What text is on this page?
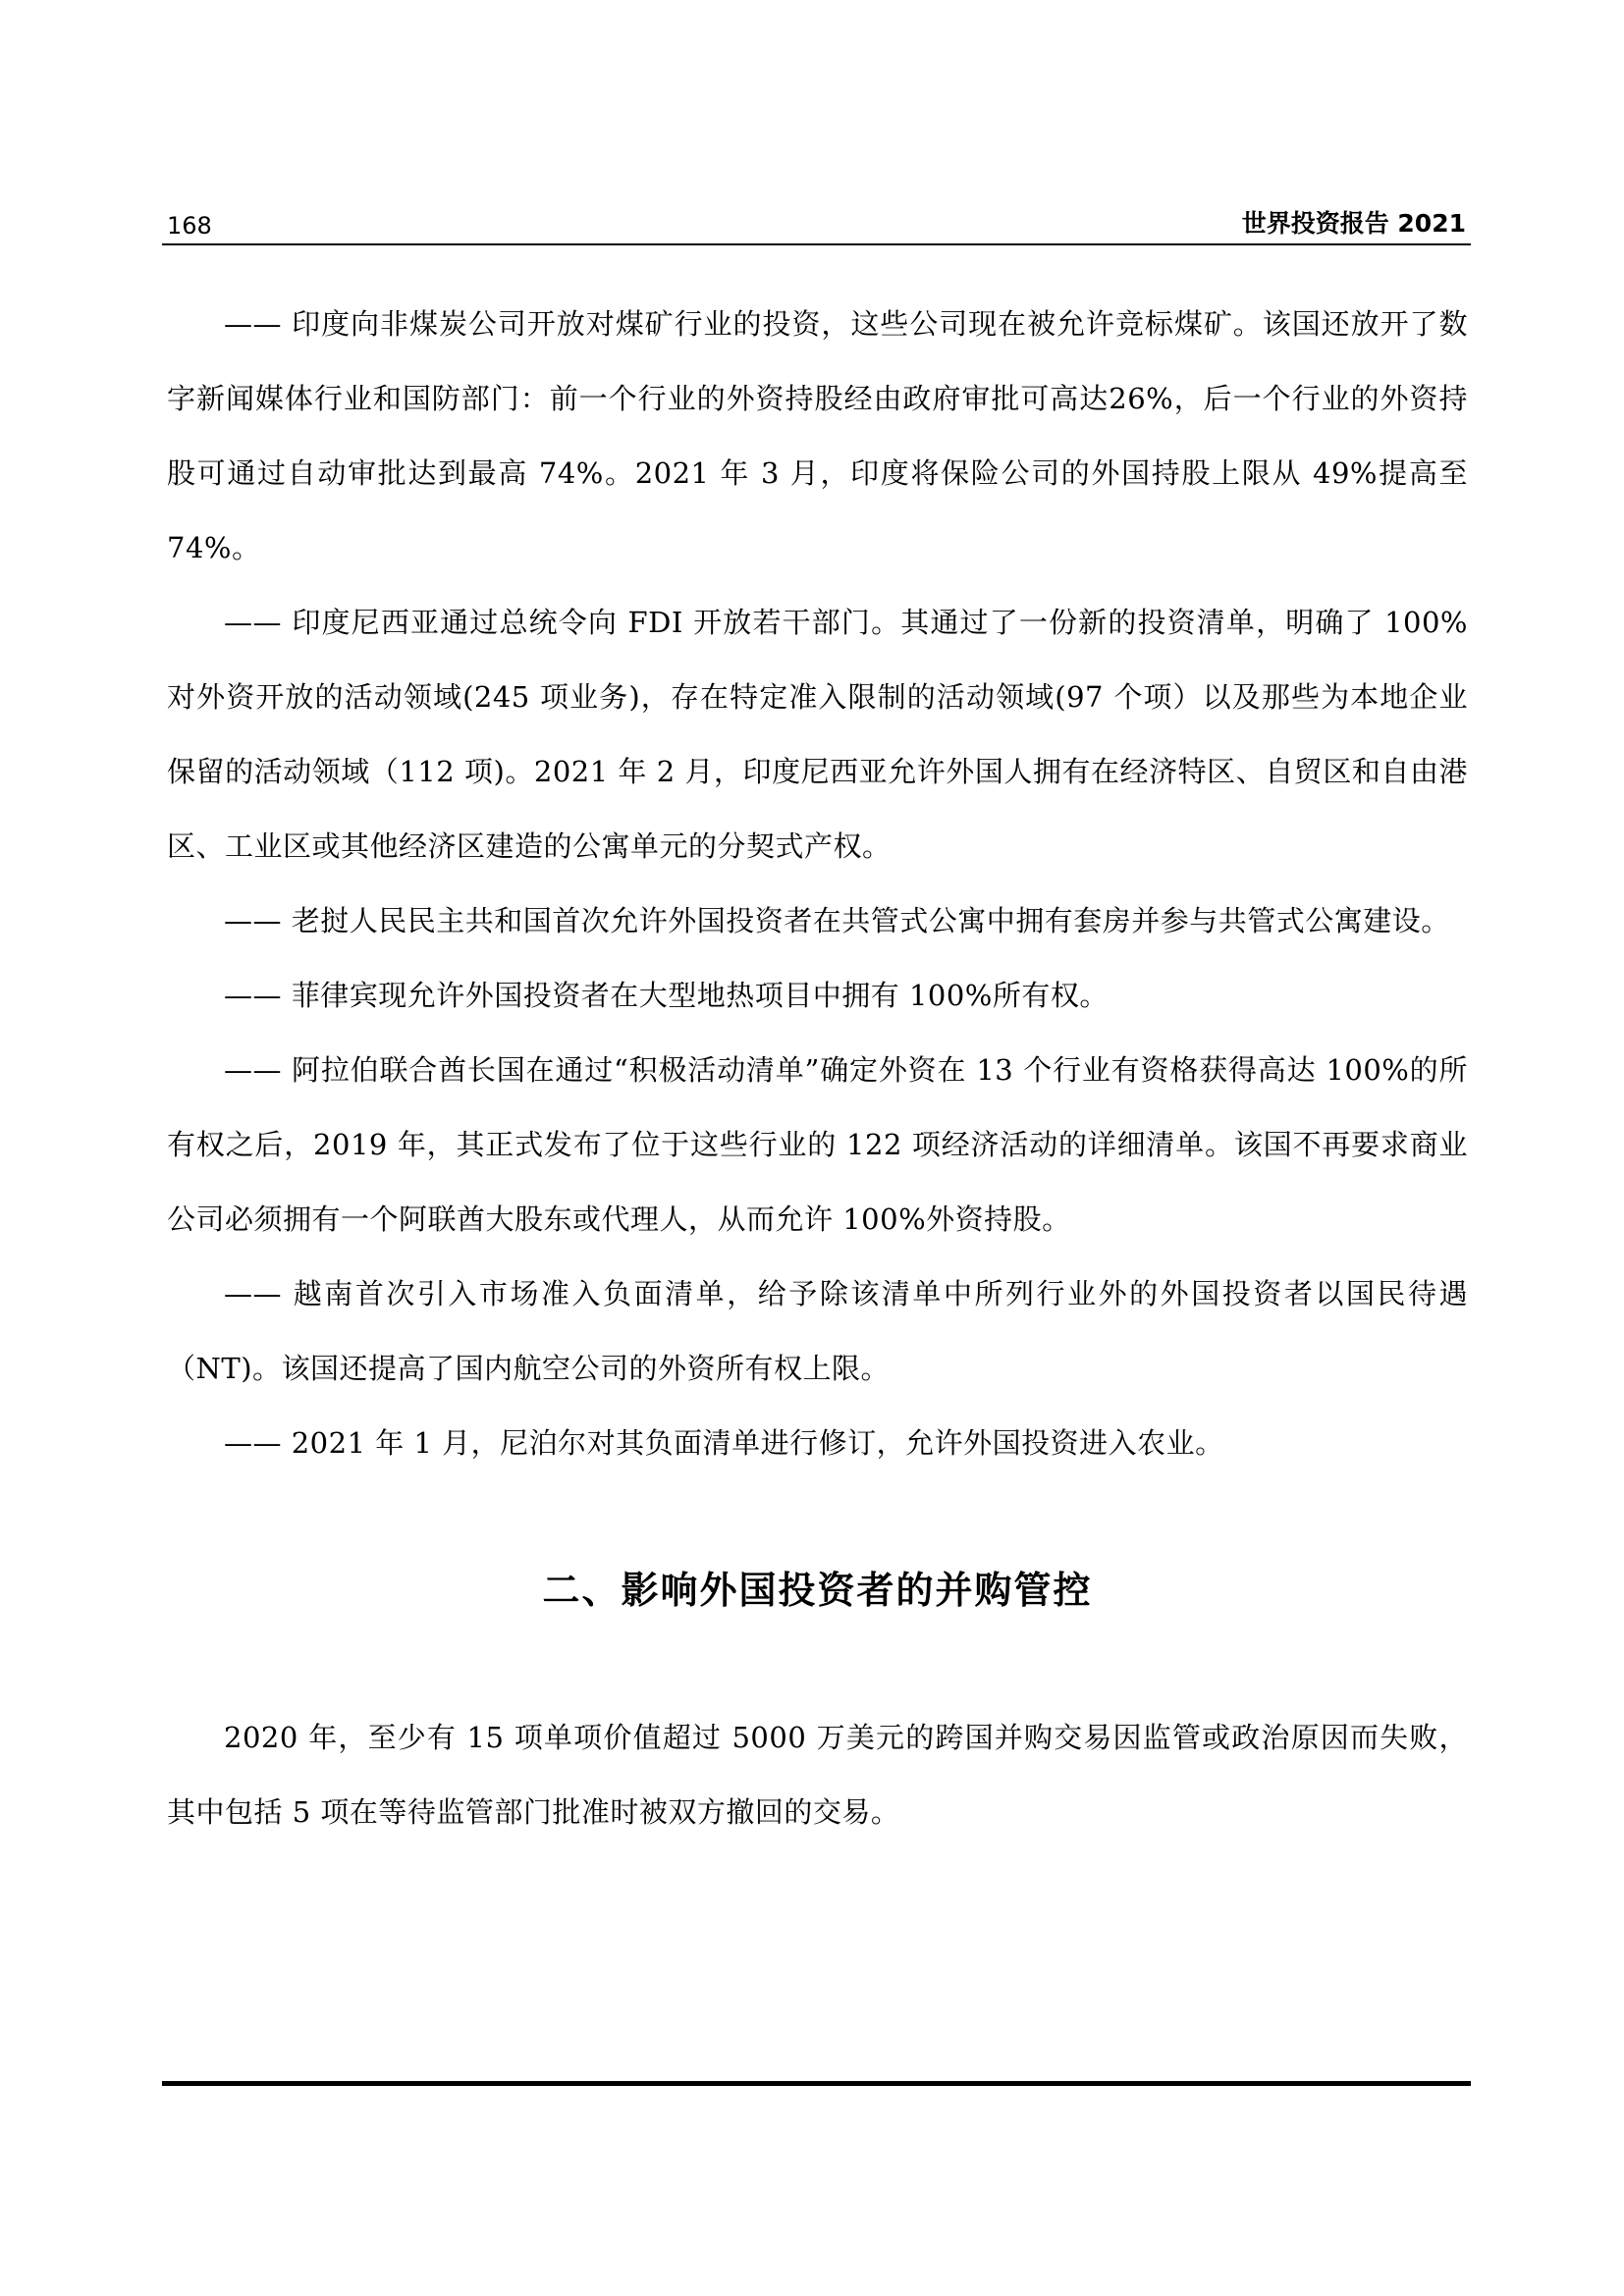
168	世界投资报告 2021

—— 印度向非煤炭公司开放对煤矿行业的投资，这些公司现在被允许竞标煤矿。该国还放开了数字新闻媒体行业和国防部门：前一个行业的外资持股经由政府审批可高达26%，后一个行业的外资持股可通过自动审批达到最高 74%。2021 年 3 月，印度将保险公司的外国持股上限从 49%提高至 74%。

—— 印度尼西亚通过总统令向 FDI 开放若干部门。其通过了一份新的投资清单，明确了 100%对外资开放的活动领域(245 项业务)，存在特定准入限制的活动领域(97 个项）以及那些为本地企业保留的活动领域（112 项)。2021 年 2 月，印度尼西亚允许外国人拥有在经济特区、自贸区和自由港区、工业区或其他经济区建造的公寓单元的分契式产权。

—— 老挝人民民主共和国首次允许外国投资者在共管式公寓中拥有套房并参与共管式公寓建设。

—— 菲律宾现允许外国投资者在大型地热项目中拥有 100%所有权。

—— 阿拉伯联合酋长国在通过“积极活动清单”确定外资在 13 个行业有资格获得高达 100%的所有权之后，2019 年，其正式发布了位于这些行业的 122 项经济活动的详细清单。该国不再要求商业公司必须拥有一个阿联酋大股东或代理人，从而允许 100%外资持股。

—— 越南首次引入市场准入负面清单，给予除该清单中所列行业外的外国投资者以国民待遇（NT)。该国还提高了国内航空公司的外资所有权上限。

—— 2021 年 1 月，尼泊尔对其负面清单进行修订，允许外国投资进入农业。

二、影响外国投资者的并购管控

2020 年，至少有 15 项单项价值超过 5000 万美元的跨国并购交易因监管或政治原因而失败，其中包括 5 项在等待监管部门批准时被双方撤回的交易。
